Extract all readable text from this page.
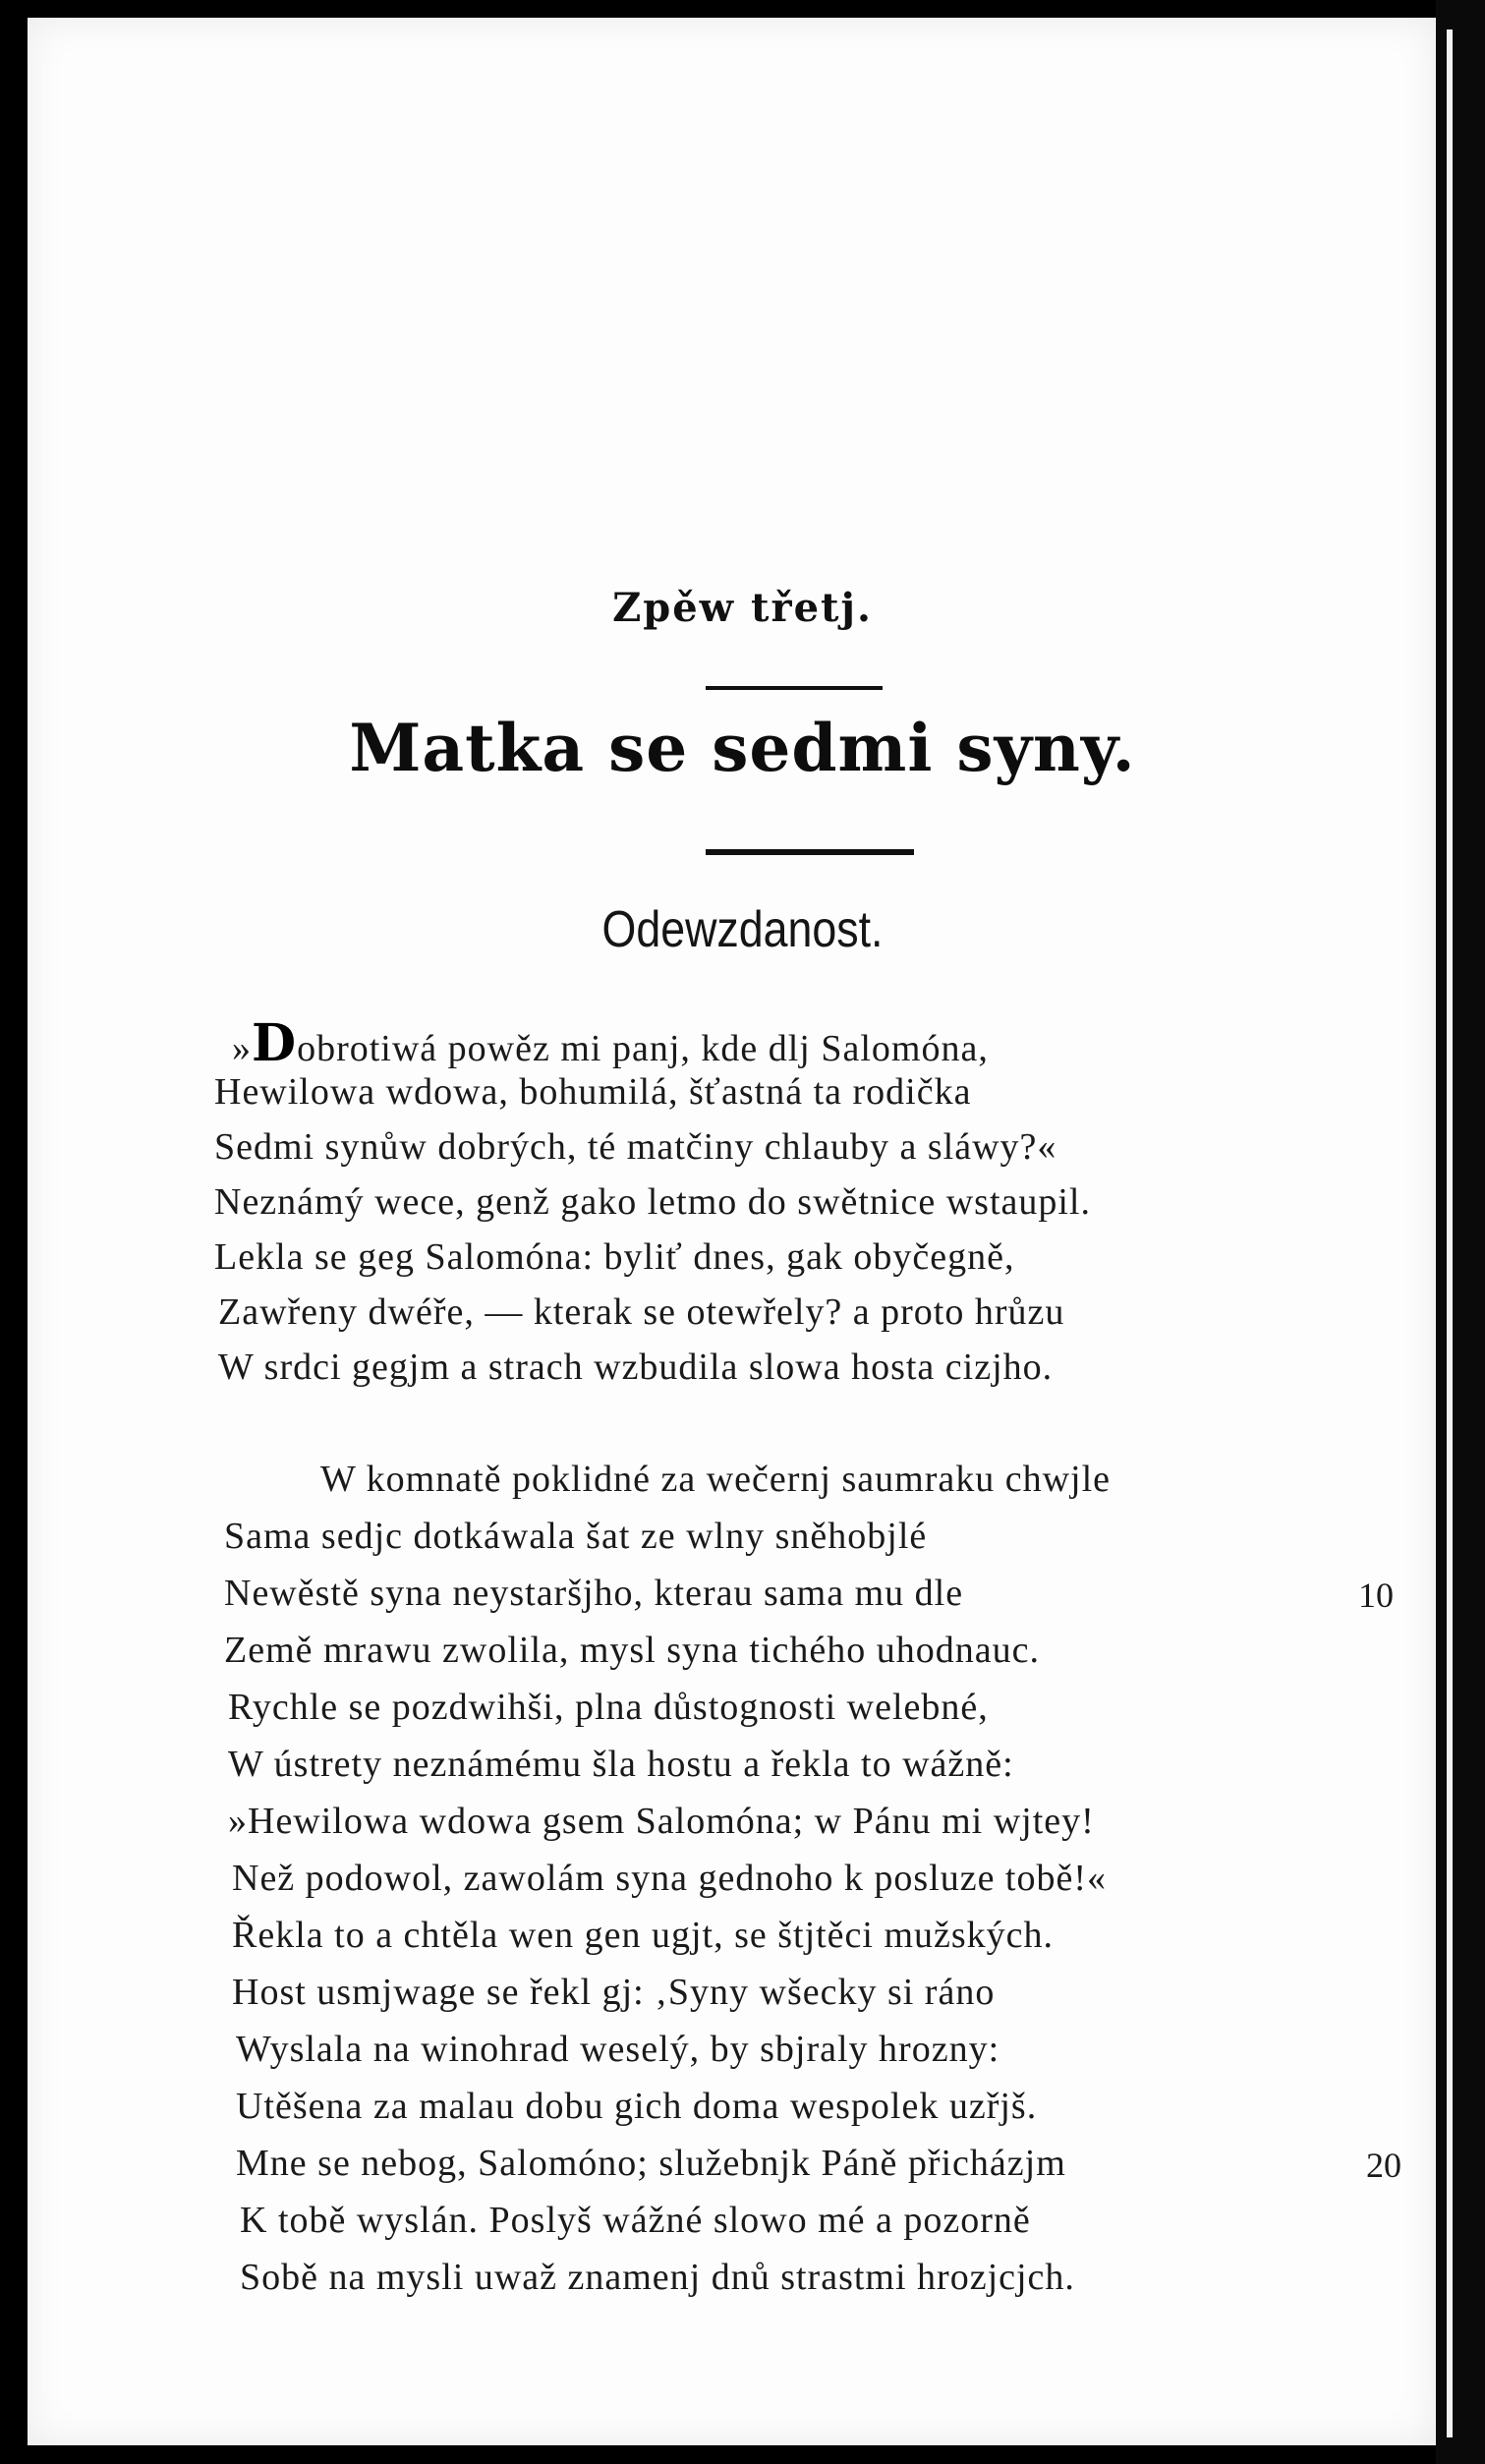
Zpěw třetj.
Matka se sedmi syny.
Odewzdanost.
»Dobrotiwá powěz mi panj, kde dlj Salomóna,
Hewilowa wdowa, bohumilá, šťastná ta rodička
Sedmi synůw dobrých, té matčiny chlauby a sláwy?«
Neznámý wece, genž gako letmo do swětnice wstaupil.
Lekla se geg Salomóna: byliť dnes, gak obyčegně,
Zawřeny dwéře, — kterak se otewřely? a proto hrůzu
W srdci gegjm a strach wzbudila slowa hosta cizjho.
W komnatě poklidné za wečernj saumraku chwjle
Sama sedjc dotkáwala šat ze wlny sněhobjlé
Newěstě syna neystaršjho, kterau sama mu dle
Země mrawu zwolila, mysl syna tichého uhodnauc.
Rychle se pozdwihši, plna důstognosti welebné,
W ústrety neznámému šla hostu a řekla to wážně:
»Hewilowa wdowa gsem Salomóna; w Pánu mi wjtey!
Než podowol, zawolám syna gednoho k posluze tobě!«
Řekla to a chtěla wen gen ugjt, se štjtěci mužských.
Host usmjwage se řekl gj: ‚Syny wšecky si ráno
Wyslala na winohrad weselý, by sbjraly hrozny:
Utěšena za malau dobu gich doma wespolek uzřjš.
Mne se nebog, Salomóno; služebnjk Páně přicházjm
K tobě wyslán. Poslyš wážné slowo mé a pozorně
Sobě na mysli uwaž znamenj dnů strastmi hrozjcjch.
10
20
